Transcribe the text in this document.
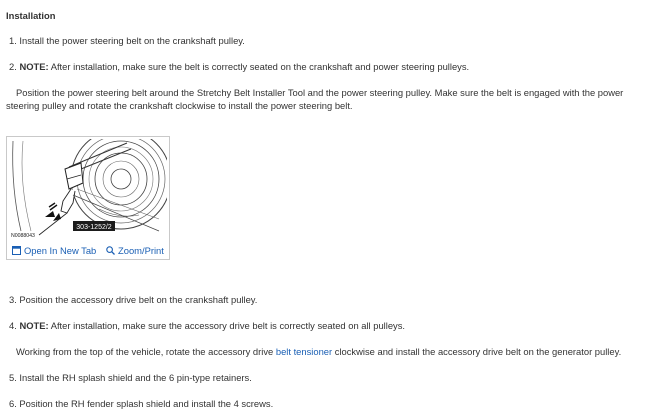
Installation
1. Install the power steering belt on the crankshaft pulley.
2. NOTE: After installation, make sure the belt is correctly seated on the crankshaft and power steering pulleys.
Position the power steering belt around the Stretchy Belt Installer Tool and the power steering pulley. Make sure the belt is engaged with the power
steering pulley and rotate the crankshaft clockwise to install the power steering belt.
303-1252/2
N0088043
Open In New Tab	Zoom/Print
3. Position the accessory drive belt on the crankshaft pulley.
4. NOTE: After installation, make sure the accessory drive belt is correctly seated on all pulleys.
Working from the top of the vehicle, rotate the accessory drive belt tensioner clockwise and install the accessory drive belt on the generator pulley.
5. Install the RH splash shield and the 6 pin-type retainers.
6. Position the RH fender splash shield and install the 4 screws.
